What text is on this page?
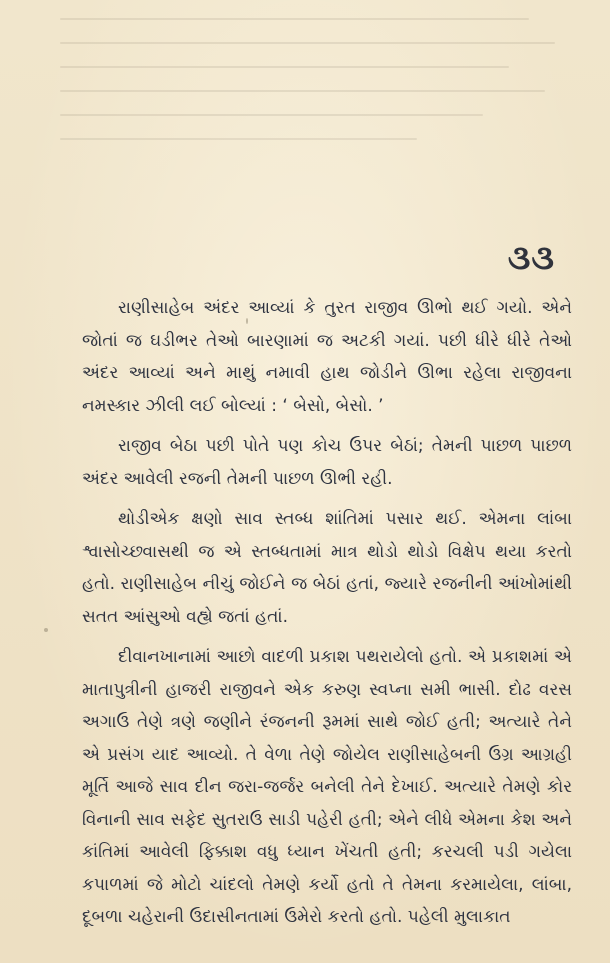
૩૩

રાણીસાહેબ અંદર આવ્યાં કે તુરત રાજીવ ઊભો થઈ ગયો. એને જોતાં જ ઘડીભર તેઓ બારણામાં જ અટકી ગયાં. પછી ધીરે ધીરે તેઓ અંદર આવ્યાં અને માથું નમાવી હાથ જોડીને ઊભા રહેલા રાજીવના નમસ્કાર ઝીલી લઈ બોલ્યાં : ‘ બેસો, બેસો. ’

રાજીવ બેઠા પછી પોતે પણ કોચ ઉપર બેઠાં; તેમની પાછળ પાછળ અંદર આવેલી રજની તેમની પાછળ ઊભી રહી.

થોડીએક ક્ષણો સાવ સ્તબ્ધ શાંતિમાં પસાર થઈ. એમના લાંબા શ્વાસોચ્છ્વાસથી જ એ સ્તબ્ધતામાં માત્ર થોડો થોડો વિક્ષેપ થયા કરતો હતો. રાણીસાહેબ નીચું જોઈને જ બેઠાં હતાં, જ્યારે રજનીની આંખોમાંથી સતત આંસુઓ વહ્યે જતાં હતાં.

દીવાનખાનામાં આછો વાદળી પ્રકાશ પથરાયેલો હતો. એ પ્રકાશમાં એ માતાપુત્રીની હાજરી રાજીવને એક કરુણ સ્વપ્ના સમી ભાસી. દોઢ વરસ અગાઉ તેણે ત્રણે જણીને રંજનની રૂમમાં સાથે જોઈ હતી; અત્યારે તેને એ પ્રસંગ યાદ આવ્યો. તે વેળા તેણે જોયેલ રાણીસાહેબની ઉગ્ર આગ્રહી મૂર્તિ આજે સાવ દીન જરા-જર્જર બનેલી તેને દેખાઈ. અત્યારે તેમણે કોર વિનાની સાવ સફેદ સુતરાઉ સાડી પહેરી હતી; એને લીધે એમના કેશ અને કાંતિમાં આવેલી ફિક્કાશ વધુ ધ્યાન ખેંચતી હતી; કરચલી પડી ગયેલા કપાળમાં જે મોટો ચાંદલો તેમણે કર્યો હતો તે તેમના કરમાયેલા, લાંબા, દૂબળા ચહેરાની ઉદાસીનતામાં ઉમેરો કરતો હતો. પહેલી મુલાકાત
